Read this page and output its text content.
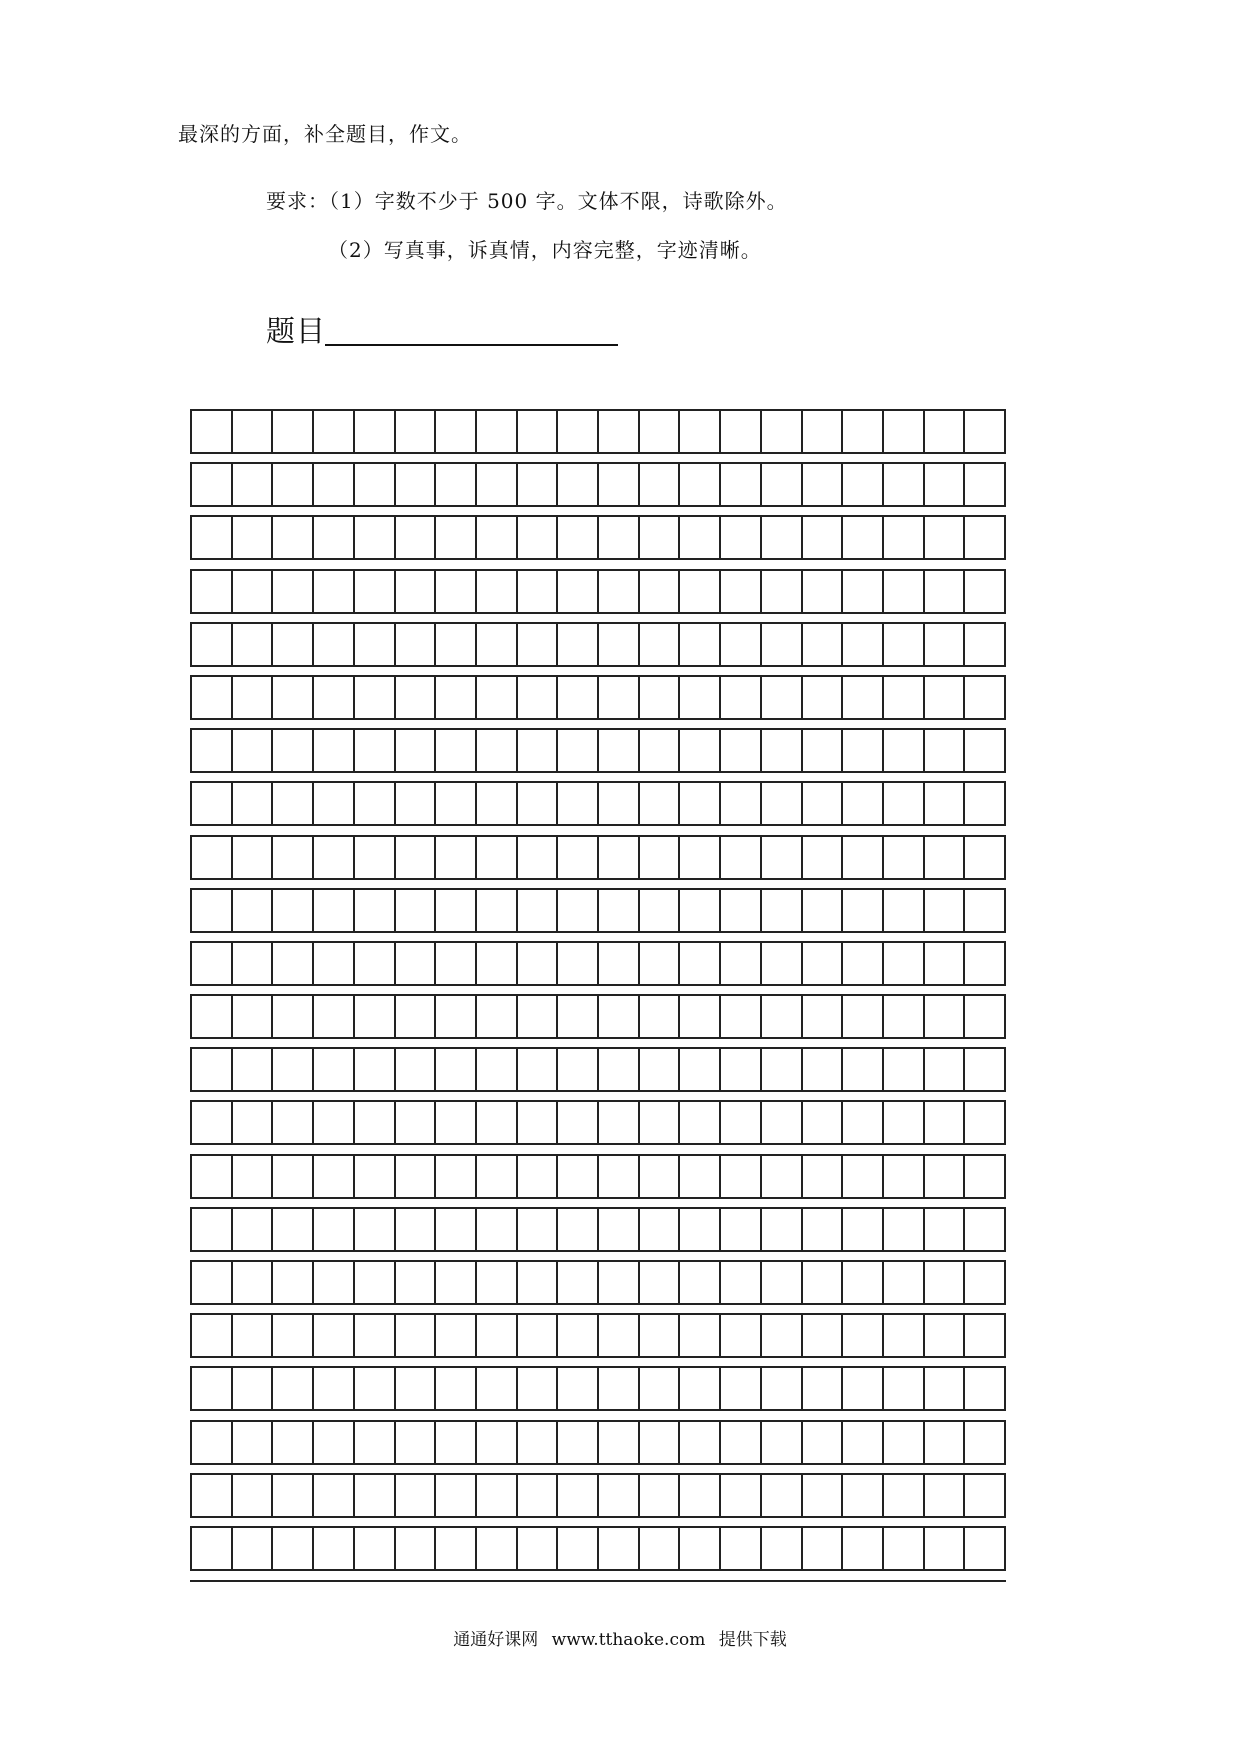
最深的方面，补全题目，作文。
要求：（1）字数不少于 500 字。文体不限，诗歌除外。
（2）写真事，诉真情，内容完整，字迹清晰。
题目
通通好课网 www.tthaoke.com 提供下载
